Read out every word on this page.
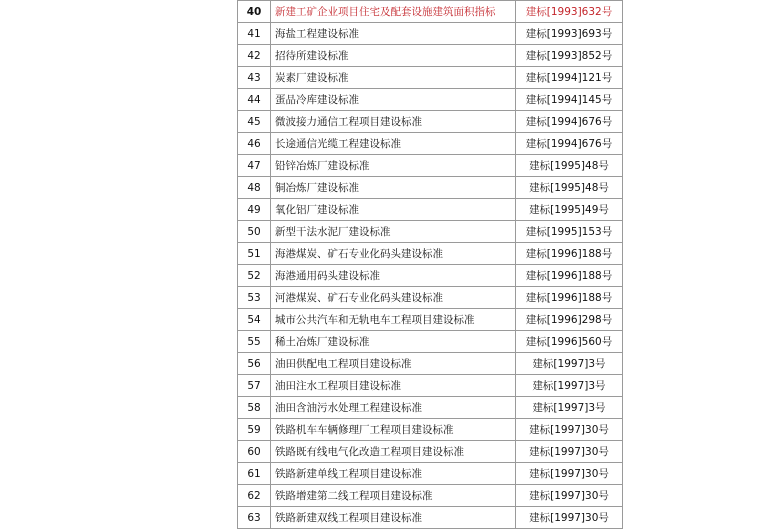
40	新建工矿企业项目住宅及配套设施建筑面积指标	建标[1993]632号
41	海盐工程建设标准	建标[1993]693号
42	招待所建设标准	建标[1993]852号
43	炭素厂建设标准	建标[1994]121号
44	蛋品冷库建设标准	建标[1994]145号
45	微波接力通信工程项目建设标准	建标[1994]676号
46	长途通信光缆工程建设标准	建标[1994]676号
47	铅锌冶炼厂建设标准	建标[1995]48号
48	铜冶炼厂建设标准	建标[1995]48号
49	氧化铝厂建设标准	建标[1995]49号
50	新型干法水泥厂建设标准	建标[1995]153号
51	海港煤炭、矿石专业化码头建设标准	建标[1996]188号
52	海港通用码头建设标准	建标[1996]188号
53	河港煤炭、矿石专业化码头建设标准	建标[1996]188号
54	城市公共汽车和无轨电车工程项目建设标准	建标[1996]298号
55	稀土冶炼厂建设标准	建标[1996]560号
56	油田供配电工程项目建设标准	建标[1997]3号
57	油田注水工程项目建设标准	建标[1997]3号
58	油田含油污水处理工程建设标准	建标[1997]3号
59	铁路机车车辆修理厂工程项目建设标准	建标[1997]30号
60	铁路既有线电气化改造工程项目建设标准	建标[1997]30号
61	铁路新建单线工程项目建设标准	建标[1997]30号
62	铁路增建第二线工程项目建设标准	建标[1997]30号
63	铁路新建双线工程项目建设标准	建标[1997]30号
